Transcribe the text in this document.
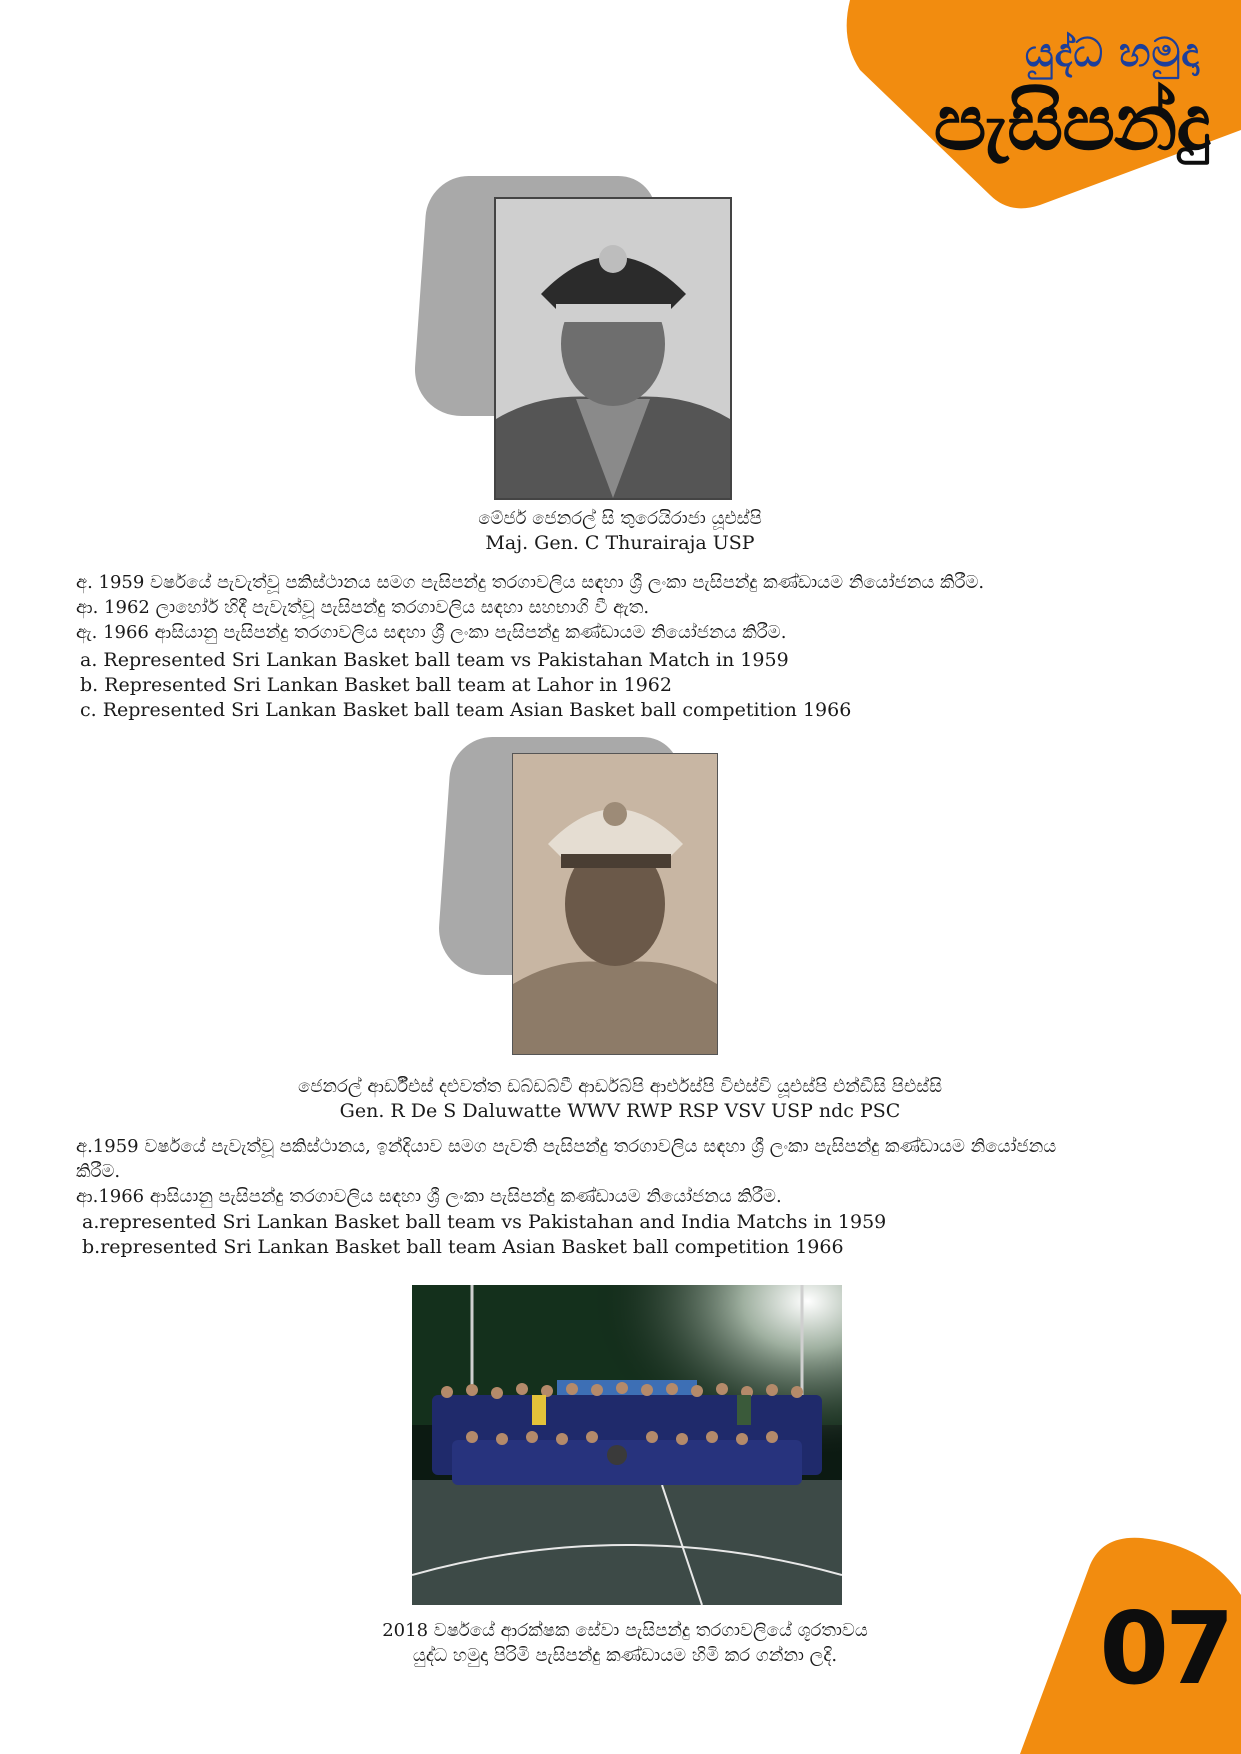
යුද්ධ හමුදා
පැසිපන්දු
මේජර් ජෙනරල් සි තුරෙයිරාජා යූඑස්පි
Maj. Gen. C Thurairaja USP
අ. 1959 වර්ෂයේ පැවැත්වූ පකිස්ථානය සමග පැසිපන්දු තරගාවලිය සඳහා ශ්‍රී ලංකා පැසිපන්දු කණ්ඩායම නියෝජනය කිරීම.
ආ. 1962 ලාහෝර් හිදී පැවැත්වූ පැසිපන්දු තරගාවලිය සඳහා සහභාගි වී ඇත.
ඇ. 1966 ආසියානු පැසිපන්දු තරගාවලිය සඳහා ශ්‍රී ලංකා පැසිපන්දු කණ්ඩායම නියෝජනය කිරීම.
a. Represented Sri Lankan Basket ball team vs Pakistahan Match in 1959
b. Represented Sri Lankan Basket ball team at Lahor in 1962
c. Represented Sri Lankan Basket ball team Asian Basket ball competition 1966
ජෙනරල් ආර්ඩීඑස් දළුවත්ත ඩබ්ඩබ්වී ආර්ඩබ්පි ආර්එස්පි විඑස්වි යූඑස්පි එන්ඩීසි පිඑස්සි
Gen. R De S Daluwatte WWV RWP RSP VSV USP ndc PSC
අ.1959 වර්ෂයේ පැවැත්වූ පකිස්ථානය, ඉන්දියාව සමග පැවති පැසිපන්දු තරගාවලිය සඳහා ශ්‍රී ලංකා පැසිපන්දු කණ්ඩායම නියෝජනය කිරීම.
ආ.1966 ආසියානු පැසිපන්දු තරගාවලිය සඳහා ශ්‍රී ලංකා පැසිපන්දු කණ්ඩායම නියෝජනය කිරීම.
a.represented Sri Lankan Basket ball team vs Pakistahan and India Matchs in 1959
b.represented Sri Lankan Basket ball team Asian Basket ball competition 1966
2018 වර්ෂයේ ආරක්ෂක සේවා පැසිපන්දු තරගාවලියේ ශූරතාවය
යුද්ධ හමුදා පිරිමි පැසිපන්දු කණ්ඩායම හිමි කර ගන්නා ලදි.	07
